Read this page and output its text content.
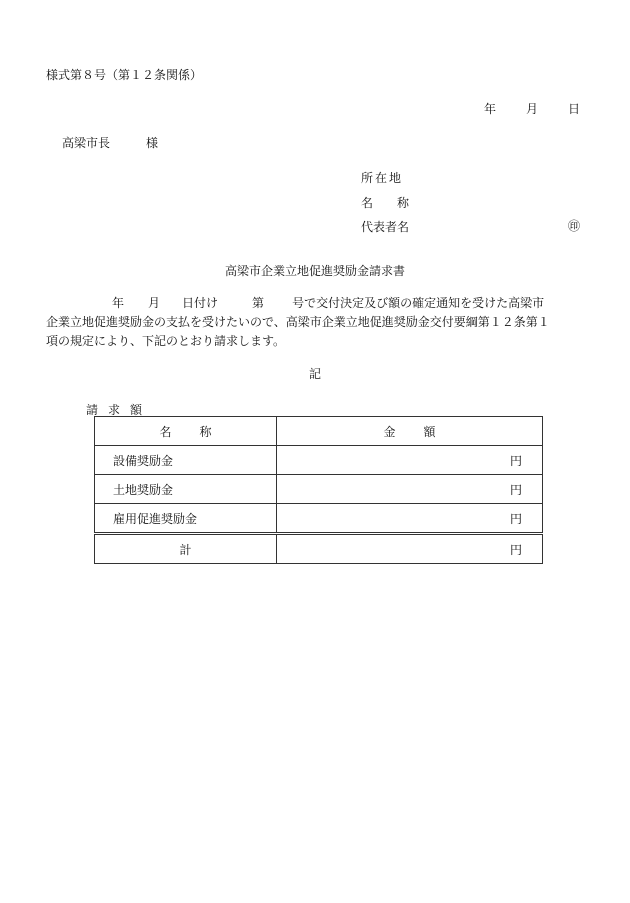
様式第８号（第１２条関係）
年	月	日
高梁市長	様
所在地
名 称
代表者名	㊞
高梁市企業立地促進奨励金請求書
年 月 日付け	第 号で交付決定及び額の確定通知を受けた高梁市
企業立地促進奨励金の支払を受けたいので、高梁市企業立地促進奨励金交付要綱第１２条第１
項の規定により、下記のとおり請求します。
記
請 求 額
名 称	金 額
設備奨励金	円
土地奨励金	円
雇用促進奨励金	円
計	円
